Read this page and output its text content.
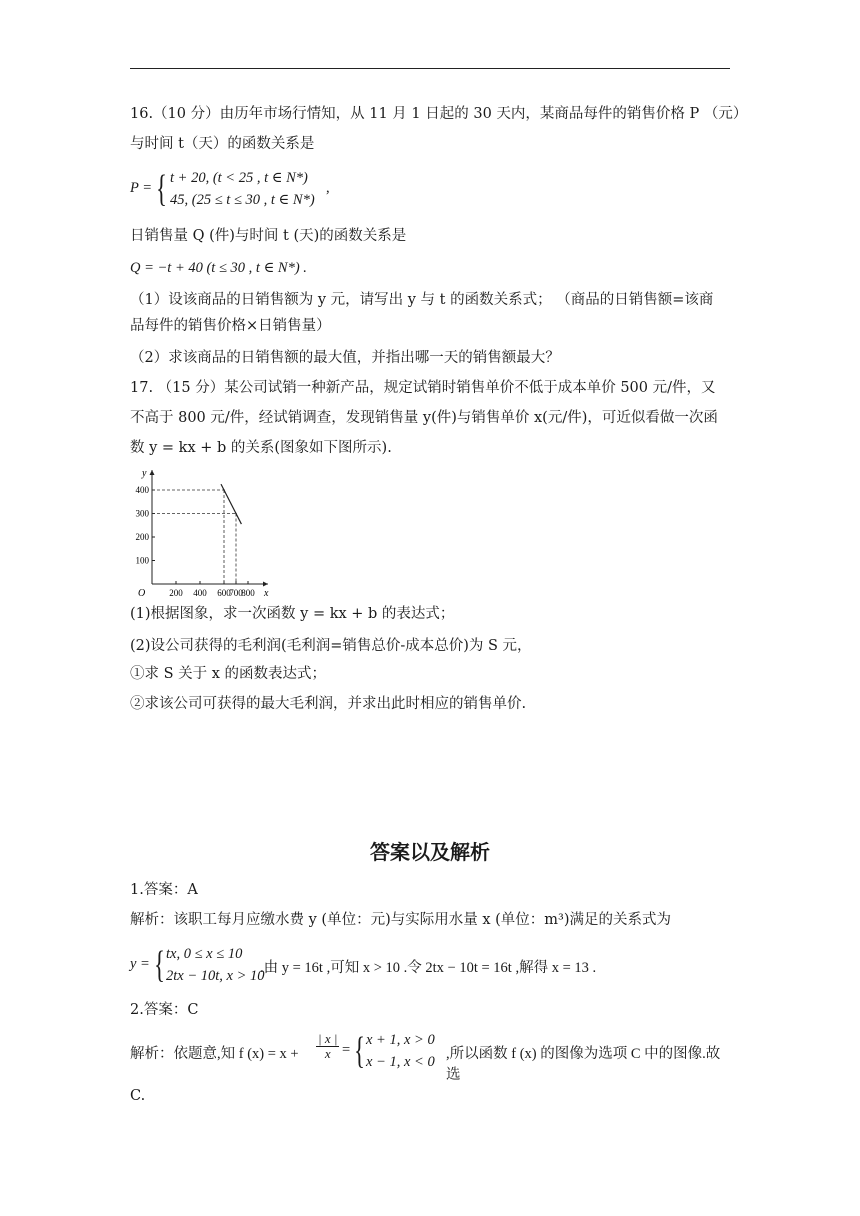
16.（10 分）由历年市场行情知，从 11 月 1 日起的 30 天内，某商品每件的销售价格 P （元）
与时间 t（天）的函数关系是
P = { t + 20, (t < 25 , t ∈ N*)
45, (25 ≤ t ≤ 30 , t ∈ N*)
,
日销售量 Q (件)与时间 t (天)的函数关系是
Q = −t + 40 (t ≤ 30 , t ∈ N*) .
（1）设该商品的日销售额为 y 元，请写出 y 与 t 的函数关系式； （商品的日销售额=该商
品每件的销售价格×日销售量）
（2）求该商品的日销售额的最大值，并指出哪一天的销售额最大？
17. （15 分）某公司试销一种新产品，规定试销时销售单价不低于成本单价 500 元/件，又
不高于 800 元/件，经试销调查，发现销售量 y(件)与销售单价 x(元/件)，可近似看做一次函
数 y = kx + b 的关系(图象如下图所示).
x
y
O
100
200
300
400
200 400 600
700
800
(1)根据图象，求一次函数 y = kx + b 的表达式；
(2)设公司获得的毛利润(毛利润=销售总价-成本总价)为 S 元，
①求 S 关于 x 的函数表达式；
②求该公司可获得的最大毛利润，并求出此时相应的销售单价.
答案以及解析
1.答案：A
解析：该职工每月应缴水费 y (单位：元)与实际用水量 x (单位：m³)满足的关系式为
y = { tx, 0 ≤ x ≤ 10
2tx − 10t, x > 10
.由 y = 16t ,可知 x > 10 .令 2tx − 10t = 16t ,解得 x = 13 .
2.答案：C
解析：依题意,知 f $(x) = x + \frac{| x |}{x}$ = { x + 1, x > 0
x − 1, x < 0 ,所以函数 f (x) 的图像为选项 C 中的图像.故选
C.
